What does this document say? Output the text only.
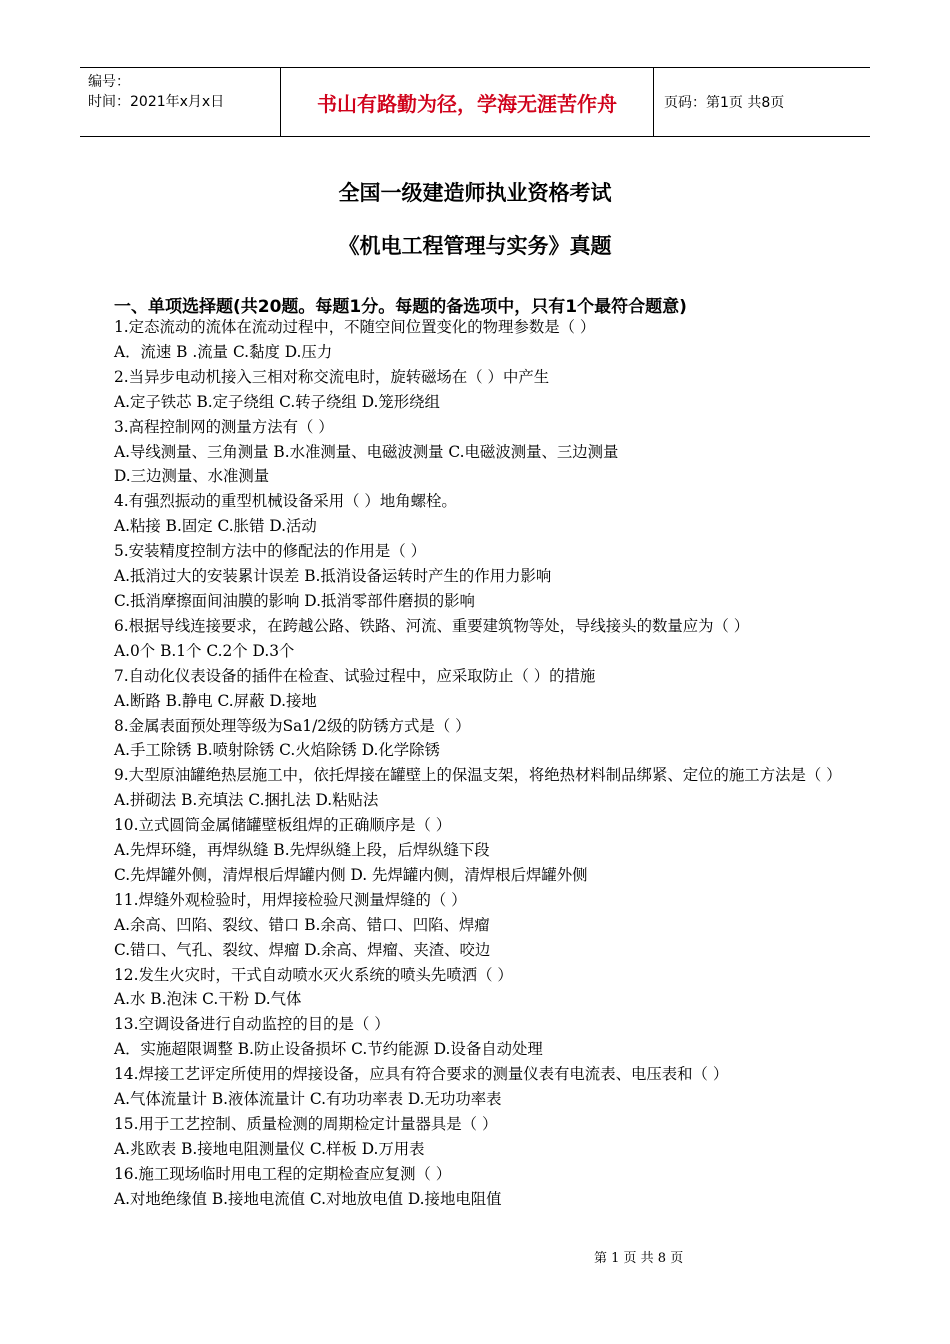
编号：
时间：2021年x月x日	书山有路勤为径，学海无涯苦作舟	页码：第1页 共8页
全国一级建造师执业资格考试
《机电工程管理与实务》真题
一、单项选择题(共20题。每题1分。每题的备选项中，只有1个最符合题意)
1.定态流动的流体在流动过程中，不随空间位置变化的物理参数是（ ）
A．流速 B .流量 C.黏度 D.压力
2.当异步电动机接入三相对称交流电时，旋转磁场在（ ）中产生
A.定子铁芯 B.定子绕组 C.转子绕组 D.笼形绕组
3.高程控制网的测量方法有（ ）
A.导线测量、三角测量 B.水准测量、电磁波测量 C.电磁波测量、三边测量
D.三边测量、水准测量
4.有强烈振动的重型机械设备采用（ ）地角螺栓。
A.粘接 B.固定 C.胀错 D.活动
5.安装精度控制方法中的修配法的作用是（ ）
A.抵消过大的安装累计误差 B.抵消设备运转时产生的作用力影响
C.抵消摩擦面间油膜的影响 D.抵消零部件磨损的影响
6.根据导线连接要求，在跨越公路、铁路、河流、重要建筑物等处，导线接头的数量应为（ ）
A.0个 B.1个 C.2个 D.3个
7.自动化仪表设备的插件在检查、试验过程中，应采取防止（ ）的措施
A.断路 B.静电 C.屏蔽 D.接地
8.金属表面预处理等级为Sa1/2级的防锈方式是（ ）
A.手工除锈 B.喷射除锈 C.火焰除锈 D.化学除锈
9.大型原油罐绝热层施工中，依托焊接在罐壁上的保温支架，将绝热材料制品绑紧、定位的施工方法是（ ）
A.拼砌法 B.充填法 C.捆扎法 D.粘贴法
10.立式圆筒金属储罐壁板组焊的正确顺序是（ ）
A.先焊环缝，再焊纵缝 B.先焊纵缝上段，后焊纵缝下段
C.先焊罐外侧，清焊根后焊罐内侧 D. 先焊罐内侧，清焊根后焊罐外侧
11.焊缝外观检验时，用焊接检验尺测量焊缝的（ ）
A.余高、凹陷、裂纹、错口 B.余高、错口、凹陷、焊瘤
C.错口、气孔、裂纹、焊瘤 D.余高、焊瘤、夹渣、咬边
12.发生火灾时，干式自动喷水灭火系统的喷头先喷洒（ ）
A.水 B.泡沫 C.干粉 D.气体
13.空调设备进行自动监控的目的是（ ）
A．实施超限调整 B.防止设备损坏 C.节约能源 D.设备自动处理
14.焊接工艺评定所使用的焊接设备，应具有符合要求的测量仪表有电流表、电压表和（ ）
A.气体流量计 B.液体流量计 C.有功功率表 D.无功功率表
15.用于工艺控制、质量检测的周期检定计量器具是（ ）
A.兆欧表 B.接地电阻测量仪 C.样板 D.万用表
16.施工现场临时用电工程的定期检查应复测（ ）
A.对地绝缘值 B.接地电流值 C.对地放电值 D.接地电阻值
第 1 页 共 8 页
